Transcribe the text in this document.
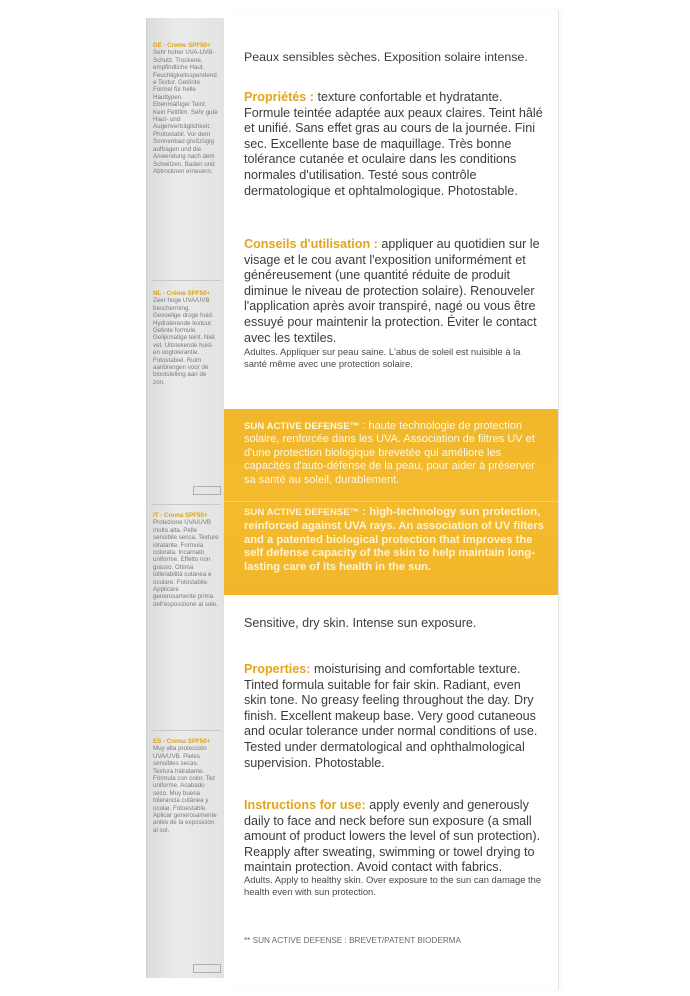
DE - Creme SPF50+ Sehr hoher UVA-UVB-Schutz. Trockene, empfindliche Haut. Feuchtigkeitsspendende Textur. Getönte Formel für helle Hauttypen. Ebenmäßiger Teint. Kein Fettfilm. Sehr gute Haut- und Augenverträglichkeit. Photostabil. Vor dem Sonnenbad großzügig auftragen und die Anwendung nach dem Schwitzen, Baden und Abtrocknen erneuern.
NL - Crème SPF50+ Zeer hoge UVA/UVB bescherming. Gevoelige droge huid. Hydraterende textuur. Getinte formule. Gelijkmatige teint. Niet vet. Uitstekende huid- en oogtolerantie. Fotostabiel. Ruim aanbrengen voor de blootstelling aan de zon.
IT - Crema SPF50+ Protezione UVA/UVB molto alta. Pelle sensibile secca. Texture idratante. Formula colorata. Incarnato uniforme. Effetto non grasso. Ottima tollerabilità cutanea e oculare. Fotostabile. Applicare generosamente prima dell'esposizione al sole.
ES - Crema SPF50+ Muy alta protección UVA/UVB. Pieles sensibles secas. Textura hidratante. Fórmula con color. Tez uniforme. Acabado seco. Muy buena tolerancia cutánea y ocular. Fotoestable. Aplicar generosamente antes de la exposición al sol.
Peaux sensibles sèches. Exposition solaire intense.
Propriétés : texture confortable et hydratante. Formule teintée adaptée aux peaux claires. Teint hâlé et unifié. Sans effet gras au cours de la journée. Fini sec. Excellente base de maquillage. Très bonne tolérance cutanée et oculaire dans les conditions normales d'utilisation. Testé sous contrôle dermatologique et ophtalmologique. Photostable.
Conseils d'utilisation : appliquer au quotidien sur le visage et le cou avant l'exposition uniformément et généreusement (une quantité réduite de produit diminue le niveau de protection solaire). Renouveler l'application après avoir transpiré, nagé ou vous être essuyé pour maintenir la protection. Éviter le contact avec les textiles.
Adultes. Appliquer sur peau saine. L'abus de soleil est nuisible à la santé même avec une protection solaire.
Sensitive, dry skin. Intense sun exposure.
Properties: moisturising and comfortable texture. Tinted formula suitable for fair skin. Radiant, even skin tone. No greasy feeling throughout the day. Dry finish. Excellent makeup base. Very good cutaneous and ocular tolerance under normal conditions of use. Tested under dermatological and ophthalmological supervision. Photostable.
Instructions for use: apply evenly and generously daily to face and neck before sun exposure (a small amount of product lowers the level of sun protection). Reapply after sweating, swimming or towel drying to maintain protection. Avoid contact with fabrics.
Adults. Apply to healthy skin. Over exposure to the sun can damage the health even with sun protection.
** SUN ACTIVE DEFENSE : BREVET/PATENT BIODERMA
SUN ACTIVE DEFENSE™ : haute technologie de protection solaire, renforcée dans les UVA. Association de filtres UV et d'une protection biologique brevetée qui améliore les capacités d'auto-défense de la peau, pour aider à préserver sa santé au soleil, durablement.
SUN ACTIVE DEFENSE™ : high-technology sun protection, reinforced against UVA rays. An association of UV filters and a patented biological protection that improves the self defense capacity of the skin to help maintain long-lasting care of its health in the sun.
